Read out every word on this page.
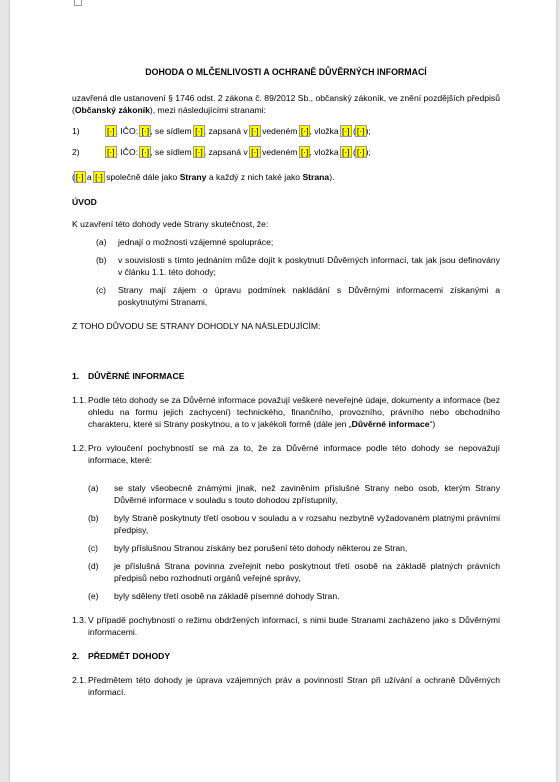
DOHODA O MLČENLIVOSTI A OCHRANĚ DŮVĚRNÝCH INFORMACÍ

uzavřená dle ustanovení § 1746 odst. 2 zákona č. 89/2012 Sb., občanský zákoník, ve znění pozdějších předpisů (Občanský zákoník), mezi následujícími stranami:

1)	[·], IČO: [·], se sídlem [·], zapsaná v [·] vedeném [·], vložka [·] ([·]);
2)	[·], IČO: [·], se sídlem [·], zapsaná v [·] vedeném [·], vložka [·] ([·]);

([·] a [·] společně dále jako Strany a každý z nich také jako Strana).

ÚVOD

K uzavření této dohody vede Strany skutečnost, že:

(a)	jednají o možnosti vzájemné spolupráce;
(b)	v souvislosti s tímto jednáním může dojít k poskytnutí Důvěrných informací, tak jak jsou definovány v článku 1.1. této dohody;
(c)	Strany mají zájem o úpravu podmínek nakládání s Důvěrnými informacemi získanými a poskytnutými Stranami,

Z TOHO DŮVODU SE STRANY DOHODLY NA NÁSLEDUJÍCÍM:

1.	DŮVĚRNÉ INFORMACE
1.1. Podle této dohody se za Důvěrné informace považují veškeré neveřejné údaje, dokumenty a informace (bez ohledu na formu jejich zachycení) technického, finančního, provozního, právního nebo obchodního charakteru, které si Strany poskytnou, a to v jakékoli formě (dále jen „Důvěrné informace“)
1.2. Pro vyloučení pochybností se má za to, že za Důvěrné informace podle této dohody se nepovažují informace, které:
(a)	se staly všeobecně známými jinak, než zaviněním příslušné Strany nebo osob, kterým Strany Důvěrné informace v souladu s touto dohodou zpřístupnily,
(b)	byly Straně poskytnuty třetí osobou v souladu a v rozsahu nezbytně vyžadovaném platnými právními předpisy,
(c)	byly příslušnou Stranou získány bez porušení této dohody některou ze Stran,
(d)	je příslušná Strana povinna zveřejnit nebo poskytnout třetí osobě na základě platných právních předpisů nebo rozhodnutí orgánů veřejné správy,
(e)	byly sděleny třetí osobě na základě písemné dohody Stran.
1.3. V případě pochybností o režimu obdržených informací, s nimi bude Stranami zacházeno jako s Důvěrnými informacemi.
2.	PŘEDMĚT DOHODY
2.1. Předmětem této dohody je úprava vzájemných práv a povinností Stran při užívání a ochraně Důvěrných informací.
